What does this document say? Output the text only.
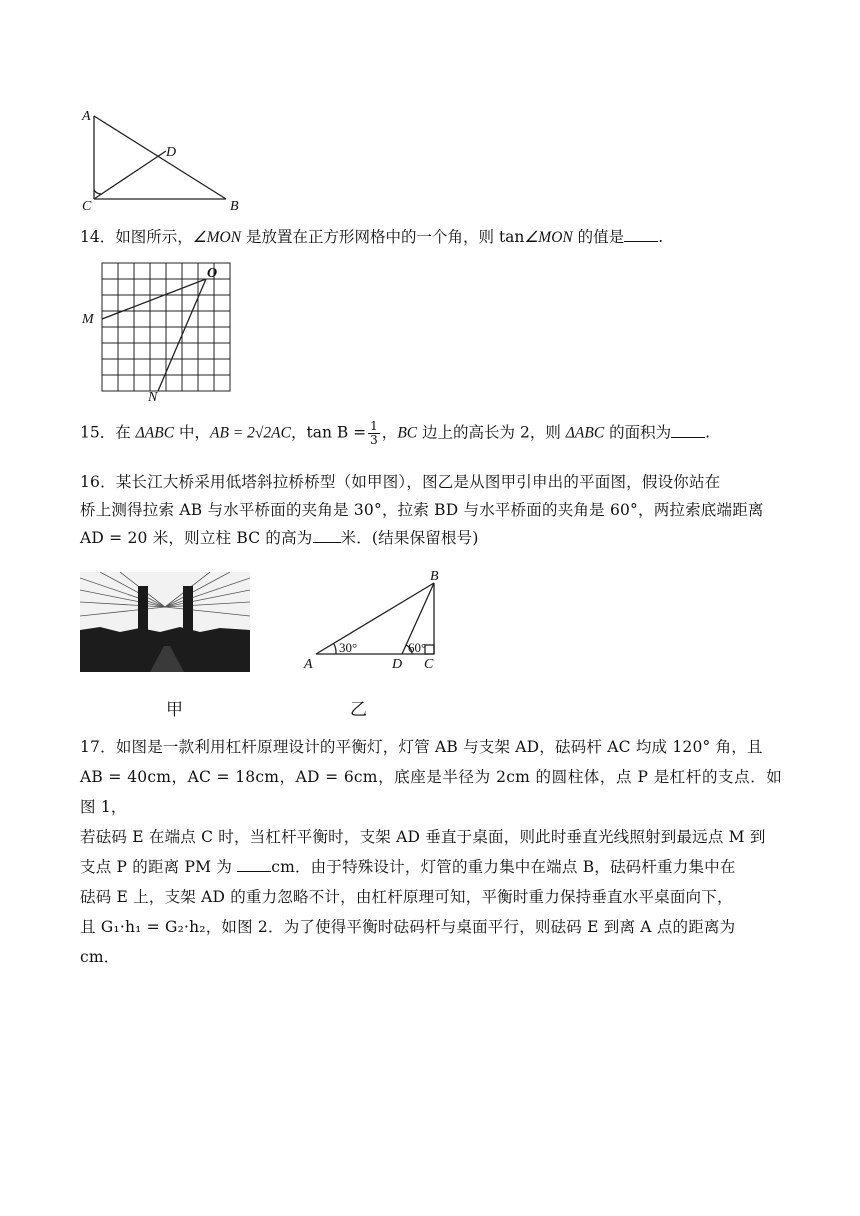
A
D
C	B
14．如图所示，∠MON 是放置在正方形网格中的一个角，则 tan∠MON 的值是 .
O
M
N
15．在 ΔABC 中，AB = 2√2AC，$\tan B = \frac{1}{3}$ ，BC 边上的高长为 2，则 ΔABC 的面积为 .
16．某长江大桥采用低塔斜拉桥桥型（如甲图），图乙是从图甲引申出的平面图，假设你站在
桥上测得拉索 AB 与水平桥面的夹角是 30°，拉索 BD 与水平桥面的夹角是 60°，两拉索底端距离
AD = 20 米，则立柱 BC 的高为 米．(结果保留根号)
甲
B
A	D C
30°	60°
乙
17．如图是一款利用杠杆原理设计的平衡灯，灯管 AB 与支架 AD，砝码杆 AC 均成 120° 角，且
AB = 40cm，AC = 18cm，AD = 6cm，底座是半径为 2cm 的圆柱体，点 P 是杠杆的支点．如图 1，
若砝码 E 在端点 C 时，当杠杆平衡时，支架 AD 垂直于桌面，则此时垂直光线照射到最远点 M 到
支点 P 的距离 PM 为	cm．由于特殊设计，灯管的重力集中在端点 B，砝码杆重力集中在
砝码 E 上，支架 AD 的重力忽略不计，由杠杆原理可知，平衡时重力保持垂直水平桌面向下，
且 G₁·h₁ = G₂·h₂，如图 2．为了使得平衡时砝码杆与桌面平行，则砝码 E 到离 A 点的距离为
cm．
